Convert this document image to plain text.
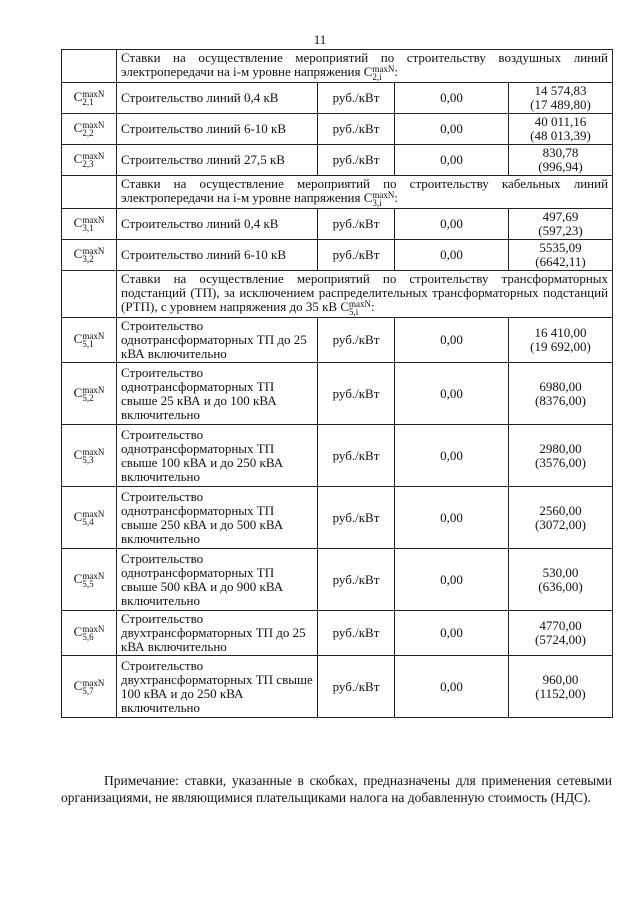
11
	Ставки на осуществление мероприятий по строительству воздушных линий электропередачи на i-м уровне напряжения С maxN
2,i :			
С maxN
2,1	Строительство линий 0,4 кВ	руб./кВт	0,00	14 574,83
(17 489,80)

С maxN
2,2	Строительство линий 6-10 кВ	руб./кВт	0,00	40 011,16
(48 013,39)

С maxN
2,3	Строительство линий 27,5 кВ	руб./кВт	0,00	830,78
(996,94)

	Ставки на осуществление мероприятий по строительству кабельных линий электропередачи на i-м уровне напряжения С maxN
3,i :			
С maxN
3,1	Строительство линий 0,4 кВ	руб./кВт	0,00	497,69
(597,23)

С maxN
3,2	Строительство линий 6-10 кВ	руб./кВт	0,00	5535,09
(6642,11)

	Ставки на осуществление мероприятий по строительству трансформаторных подстанций (ТП), за исключением распределительных трансформаторных подстанций (РТП), с уровнем напряжения до 35 кВ С maxN
5,i :			
С maxN
5,1	Строительство однотрансформаторных ТП до 25 кВА включительно	руб./кВт	0,00	16 410,00
(19 692,00)

С maxN
5,2	Строительство однотрансформаторных ТП свыше 25 кВА и до 100 кВА включительно	руб./кВт	0,00	6980,00
(8376,00)

С maxN
5,3	Строительство однотрансформаторных ТП свыше 100 кВА и до 250 кВА включительно	руб./кВт	0,00	2980,00
(3576,00)

С maxN
5,4	Строительство однотрансформаторных ТП свыше 250 кВА и до 500 кВА включительно	руб./кВт	0,00	2560,00
(3072,00)

С maxN
5,5	Строительство однотрансформаторных ТП свыше 500 кВА и до 900 кВА включительно	руб./кВт	0,00	530,00
(636,00)

С maxN
5,6	Строительство двухтрансформаторных ТП до 25 кВА включительно	руб./кВт	0,00	4770,00
(5724,00)

С maxN
5,7	Строительство двухтрансформаторных ТП свыше 100 кВА и до 250 кВА включительно	руб./кВт	0,00	960,00
(1152,00)
Примечание: ставки, указанные в скобках, предназначены для применения сетевыми организациями, не являющимися плательщиками налога на добавленную стоимость (НДС).
